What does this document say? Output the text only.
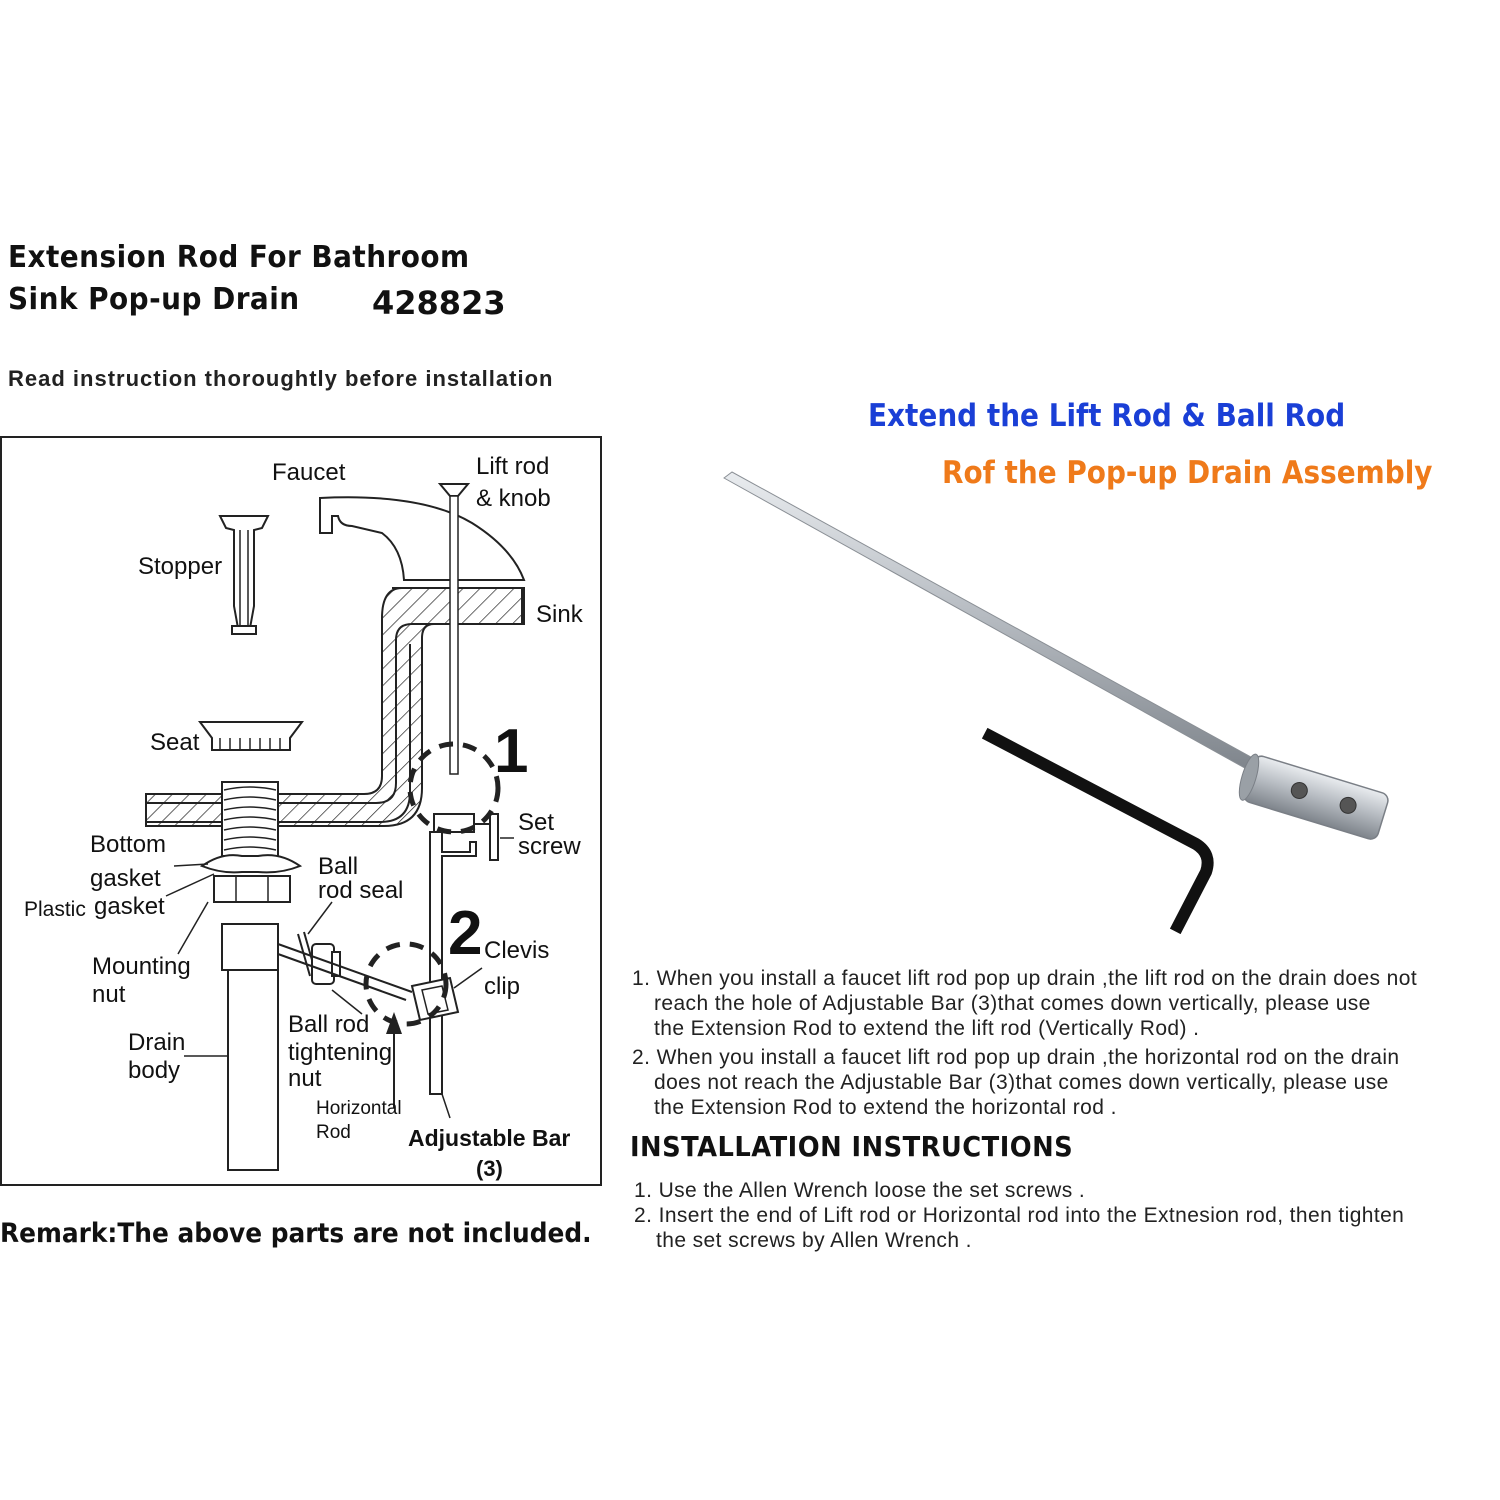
Extension Rod For Bathroom
Sink Pop-up Drain 428823
Read instruction thoroughtly before installation
Faucet	Lift rod
& knob
Stopper
Sink
Seat	1
Set
screw
Bottom
gasket
Plastic gasket
Ball
rod seal
2 Clevis
clip
Mounting
nut
Drain
body
Ball rod
tightening
nut
Horizontal
Rod Adjustable Bar
(3)
Remark:The above parts are not included.
Extend the Lift Rod & Ball Rod
Rof the Pop-up Drain Assembly
1. When you install a faucet lift rod pop up drain ,the lift rod on the drain does not
reach the hole of Adjustable Bar (3)that comes down vertically, please use
the Extension Rod to extend the lift rod (Vertically Rod) .
2. When you install a faucet lift rod pop up drain ,the horizontal rod on the drain
does not reach the Adjustable Bar (3)that comes down vertically, please use
the Extension Rod to extend the horizontal rod .
INSTALLATION INSTRUCTIONS
1. Use the Allen Wrench loose the set screws .
2. Insert the end of Lift rod or Horizontal rod into the Extnesion rod, then tighten
the set screws by Allen Wrench .
